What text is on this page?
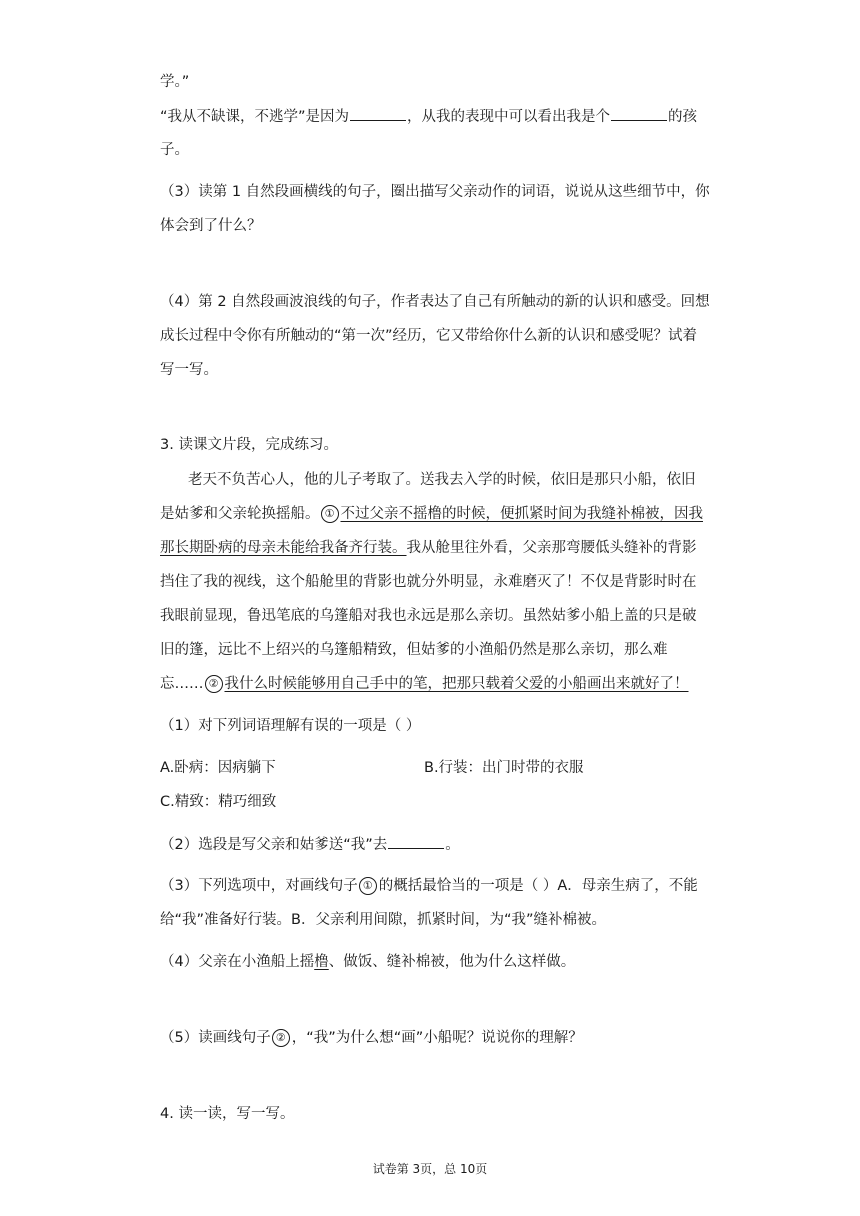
学。”
“我从不缺课，不逃学”是因为	，从我的表现中可以看出我是个	的孩
子。
（3）读第 1 自然段画横线的句子，圈出描写父亲动作的词语，说说从这些细节中，你
体会到了什么？
（4）第 2 自然段画波浪线的句子，作者表达了自己有所触动的新的认识和感受。回想
成长过程中令你有所触动的“第一次”经历，它又带给你什么新的认识和感受呢？试着
写一写。
3. 读课文片段，完成练习。
老天不负苦心人，他的儿子考取了。送我去入学的时候，依旧是那只小船，依旧
是姑爹和父亲轮换摇船。 ① 不过父亲不摇橹的时候，便抓紧时间为我缝补棉被，因我
那长期卧病的母亲未能给我备齐行装。我从舱里往外看，父亲那弯腰低头缝补的背影
挡住了我的视线，这个船舱里的背影也就分外明显，永难磨灭了！不仅是背影时时在
我眼前显现，鲁迅笔底的乌篷船对我也永远是那么亲切。虽然姑爹小船上盖的只是破
旧的篷，远比不上绍兴的乌篷船精致，但姑爹的小渔船仍然是那么亲切，那么难
忘…… ② 我什么时候能够用自己手中的笔，把那只载着父爱的小船画出来就好了！
（1）对下列词语理解有误的一项是（ ）
A.卧病：因病躺下	B.行装：出门时带的衣服
C.精致：精巧细致
（2）选段是写父亲和姑爹送“我”去	。
（3）下列选项中，对画线句子 ① 的概括最恰当的一项是（ ）A．母亲生病了，不能
给“我”准备好行装。B．父亲利用间隙，抓紧时间，为“我”缝补棉被。
（4）父亲在小渔船上摇橹、做饭、缝补棉被，他为什么这样做。
（5）读画线句子 ② ，“我”为什么想“画”小船呢？说说你的理解？
4. 读一读，写一写。
试卷第 3页，总 10页
